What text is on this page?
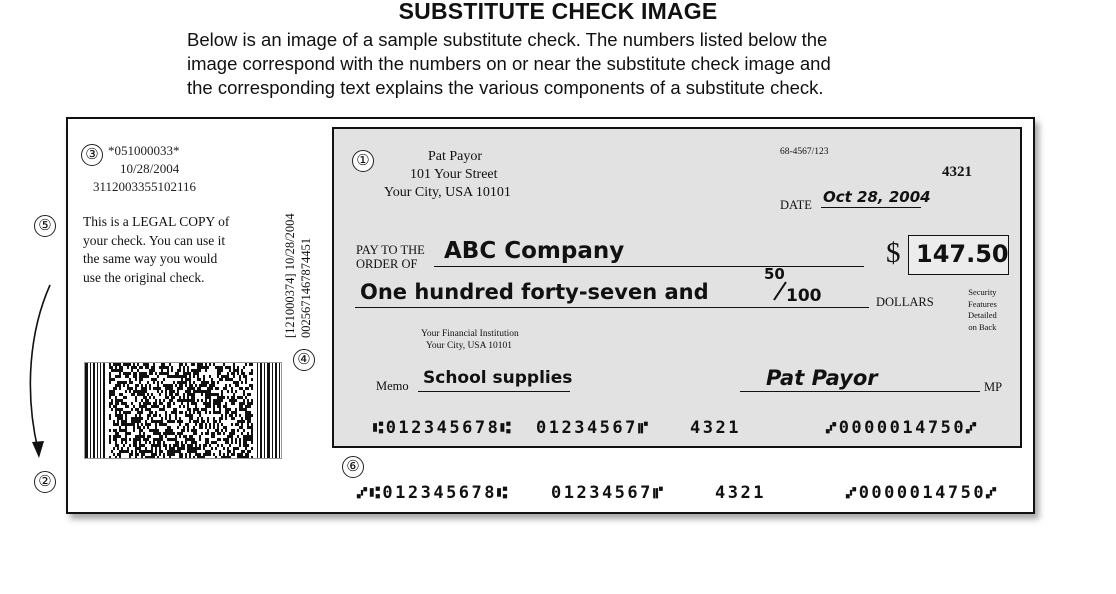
SUBSTITUTE CHECK IMAGE
Below is an image of a sample substitute check. The numbers listed below the
image correspond with the numbers on or near the substitute check image and
the corresponding text explains the various components of a substitute check.
③ *051000033*
10/28/2004
3112003355102116
⑤	This is a LEGAL COPY of
your check. You can use it
the same way you would
use the original check.
②
[121000374] 10/28/2004 0025671467874451
④
①	Pat Payor
101 Your Street
Your City, USA 10101
68-4567/123
4321
DATE Oct 28, 2004
PAY TO THE
ORDER OF	ABC Company	$ 147.50
One hundred forty-seven and
50
100	DOLLARS
Security
Features
Detailed
on Back
Your Financial Institution
Your City, USA 10101
Memo School supplies	Pat Payor	MP
⑆012345678⑆ 01234567⑈ 4321	⑇0000014750⑇
⑥
⑇⑆012345678⑆ 01234567⑈	4321	⑇0000014750⑇
